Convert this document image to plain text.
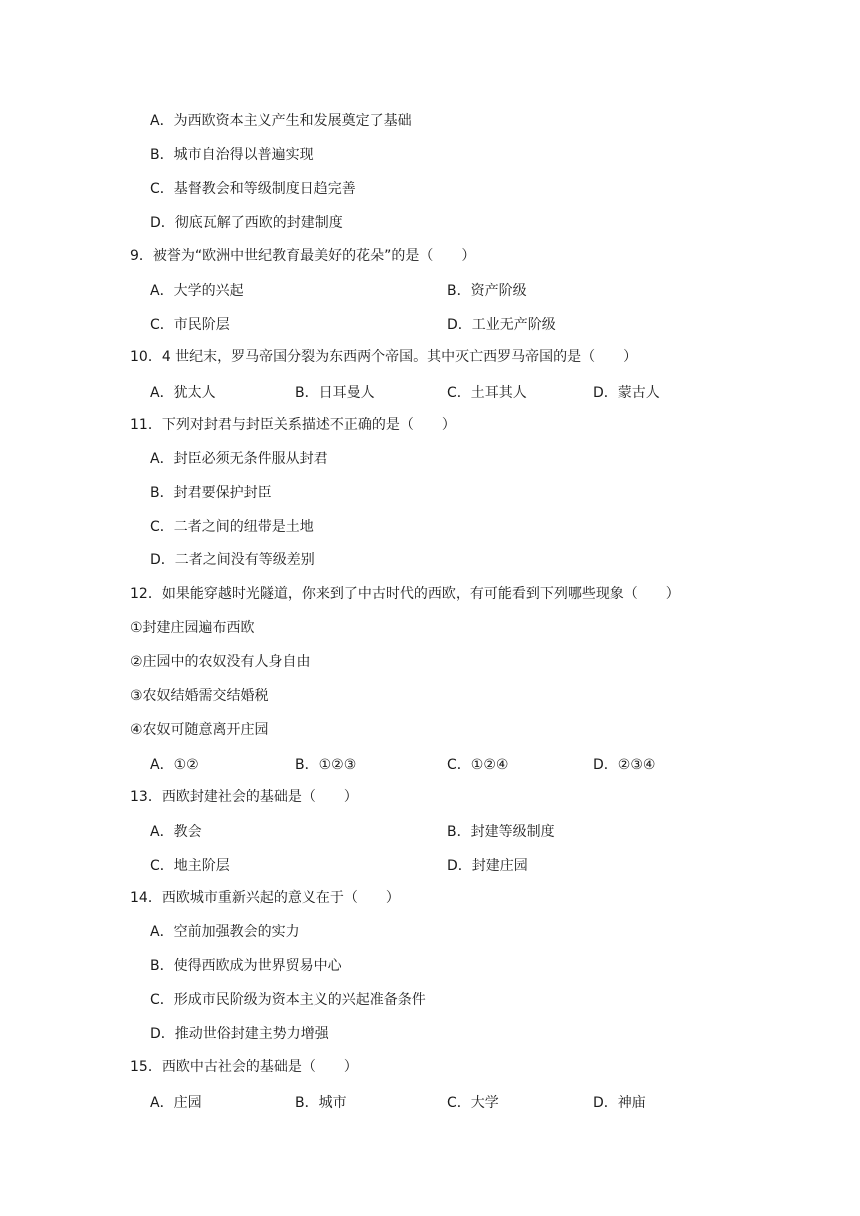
A．为西欧资本主义产生和发展奠定了基础
B．城市自治得以普遍实现
C．基督教会和等级制度日趋完善
D．彻底瓦解了西欧的封建制度
9．被誉为“欧洲中世纪教育最美好的花朵”的是（　　）
A．大学的兴起	B．资产阶级
C．市民阶层	D．工业无产阶级
10．4 世纪末，罗马帝国分裂为东西两个帝国。其中灭亡西罗马帝国的是（　　）
A．犹太人	B．日耳曼人	C．土耳其人	D．蒙古人
11．下列对封君与封臣关系描述不正确的是（　　）
A．封臣必须无条件服从封君
B．封君要保护封臣
C．二者之间的纽带是土地
D．二者之间没有等级差别
12．如果能穿越时光隧道，你来到了中古时代的西欧，有可能看到下列哪些现象（　　）
①封建庄园遍布西欧
②庄园中的农奴没有人身自由
③农奴结婚需交结婚税
④农奴可随意离开庄园
A．①②	B．①②③	C．①②④	D．②③④
13．西欧封建社会的基础是（　　）
A．教会	B．封建等级制度
C．地主阶层	D．封建庄园
14．西欧城市重新兴起的意义在于（　　）
A．空前加强教会的实力
B．使得西欧成为世界贸易中心
C．形成市民阶级为资本主义的兴起准备条件
D．推动世俗封建主势力增强
15．西欧中古社会的基础是（　　）
A．庄园	B．城市	C．大学	D．神庙
